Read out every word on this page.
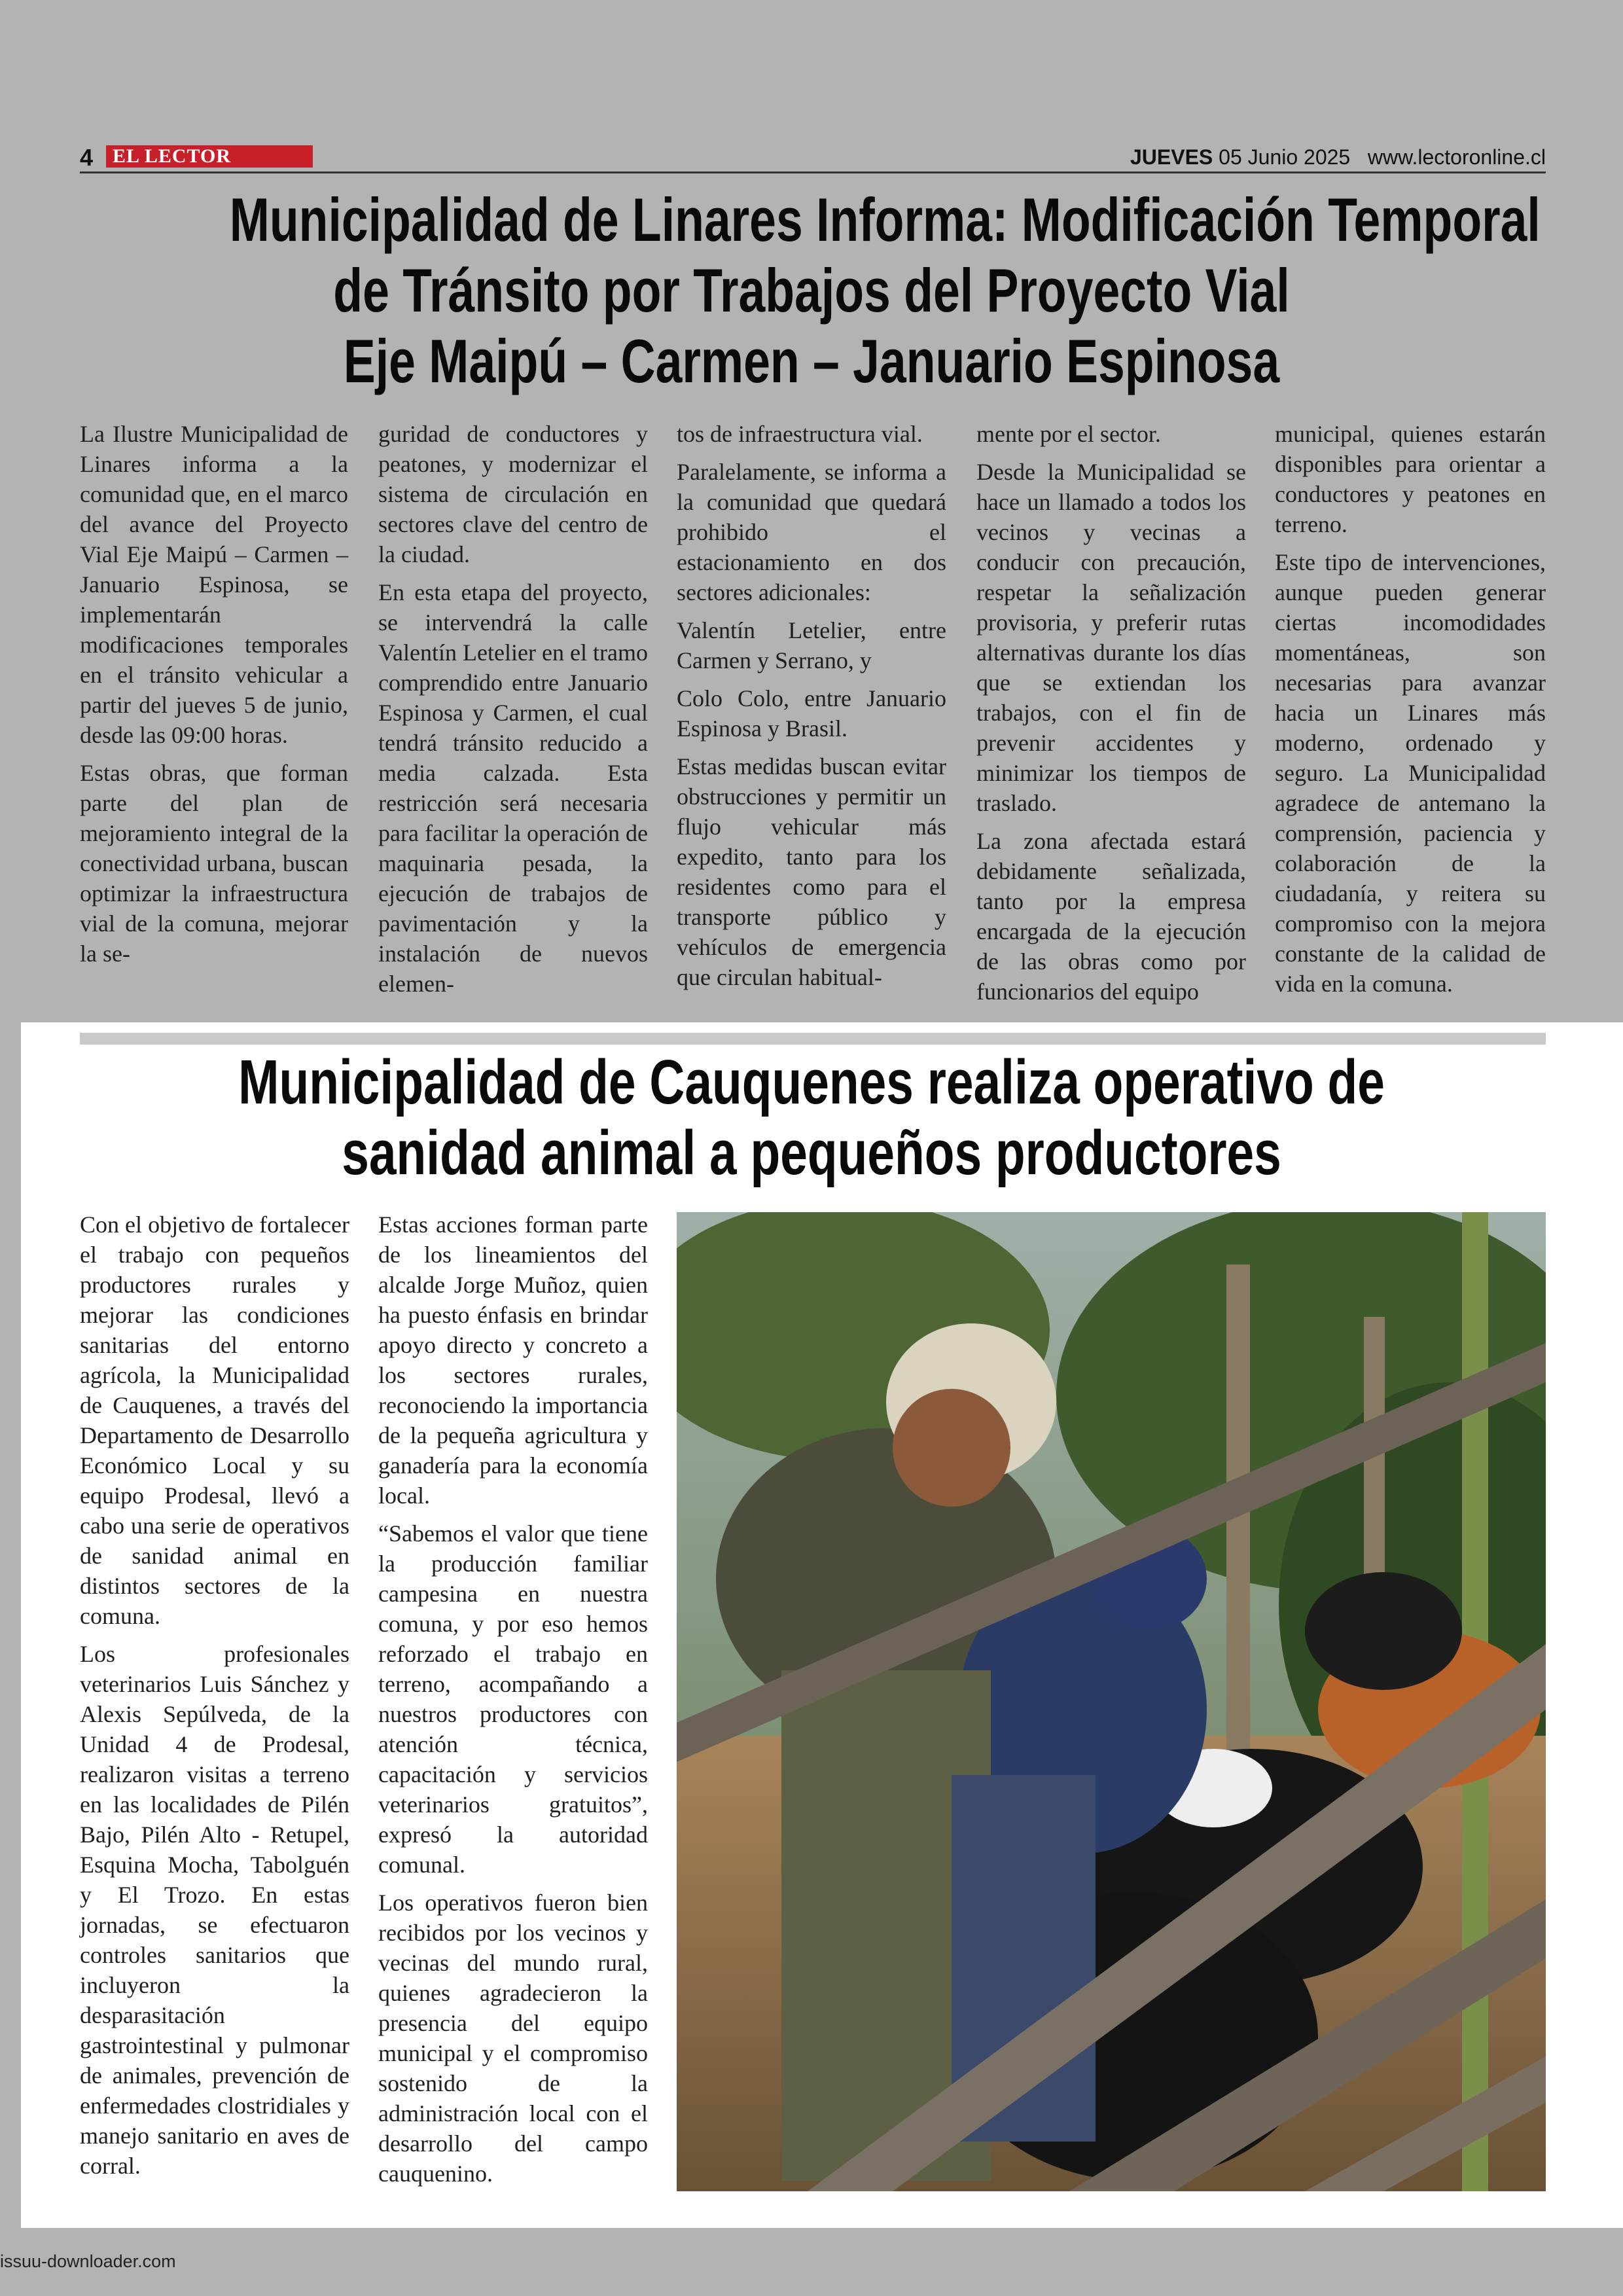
4 EL LECTOR	JUEVES 05 Junio 2025 www.lectoronline.cl
Municipalidad de Linares Informa: Modificación Temporal
de Tránsito por Trabajos del Proyecto Vial
Eje Maipú – Carmen – Januario Espinosa

La Ilustre Municipalidad de Linares informa a la comunidad que, en el marco del avance del Proyecto Vial Eje Maipú – Carmen – Januario Espinosa, se implementarán modificaciones temporales en el tránsito vehicular a partir del jueves 5 de junio, desde las 09:00 horas.

Estas obras, que forman parte del plan de mejoramiento integral de la conectividad urbana, buscan optimizar la infraestructura vial de la comuna, mejorar la se-

guridad de conductores y peatones, y modernizar el sistema de circulación en sectores clave del centro de la ciudad.

En esta etapa del proyecto, se intervendrá la calle Valentín Letelier en el tramo comprendido entre Januario Espinosa y Carmen, el cual tendrá tránsito reducido a media calzada. Esta restricción será necesaria para facilitar la operación de maquinaria pesada, la ejecución de trabajos de pavimentación y la instalación de nuevos elemen-

tos de infraestructura vial.

Paralelamente, se informa a la comunidad que quedará prohibido el estacionamiento en dos sectores adicionales:

Valentín Letelier, entre Carmen y Serrano, y

Colo Colo, entre Januario Espinosa y Brasil.

Estas medidas buscan evitar obstrucciones y permitir un flujo vehicular más expedito, tanto para los residentes como para el transporte público y vehículos de emergencia que circulan habitual-

mente por el sector.

Desde la Municipalidad se hace un llamado a todos los vecinos y vecinas a conducir con precaución, respetar la señalización provisoria, y preferir rutas alternativas durante los días que se extiendan los trabajos, con el fin de prevenir accidentes y minimizar los tiempos de traslado.

La zona afectada estará debidamente señalizada, tanto por la empresa encargada de la ejecución de las obras como por funcionarios del equipo

municipal, quienes estarán disponibles para orientar a conductores y peatones en terreno.

Este tipo de intervenciones, aunque pueden generar ciertas incomodidades momentáneas, son necesarias para avanzar hacia un Linares más moderno, ordenado y seguro. La Municipalidad agradece de antemano la comprensión, paciencia y colaboración de la ciudadanía, y reitera su compromiso con la mejora constante de la calidad de vida en la comuna.

Municipalidad de Cauquenes realiza operativo de
sanidad animal a pequeños productores

Con el objetivo de fortalecer el trabajo con pequeños productores rurales y mejorar las condiciones sanitarias del entorno agrícola, la Municipalidad de Cauquenes, a través del Departamento de Desarrollo Económico Local y su equipo Prodesal, llevó a cabo una serie de operativos de sanidad animal en distintos sectores de la comuna.

Los profesionales veterinarios Luis Sánchez y Alexis Sepúlveda, de la Unidad 4 de Prodesal, realizaron visitas a terreno en las localidades de Pilén Bajo, Pilén Alto - Retupel, Esquina Mocha, Tabolguén y El Trozo. En estas jornadas, se efectuaron controles sanitarios que incluyeron la desparasitación gastrointestinal y pulmonar de animales, prevención de enfermedades clostridiales y manejo sanitario en aves de corral.

Estas acciones forman parte de los lineamientos del alcalde Jorge Muñoz, quien ha puesto énfasis en brindar apoyo directo y concreto a los sectores rurales, reconociendo la importancia de la pequeña agricultura y ganadería para la economía local.

“Sabemos el valor que tiene la producción familiar campesina en nuestra comuna, y por eso hemos reforzado el trabajo en terreno, acompañando a nuestros productores con atención técnica, capacitación y servicios veterinarios gratuitos”, expresó la autoridad comunal.

Los operativos fueron bien recibidos por los vecinos y vecinas del mundo rural, quienes agradecieron la presencia del equipo municipal y el compromiso sostenido de la administración local con el desarrollo del campo cauquenino.

issuu-downloader.com
